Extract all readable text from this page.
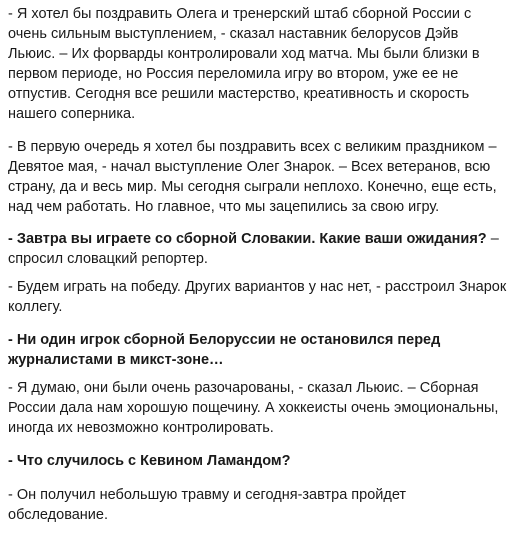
- Я хотел бы поздравить Олега и тренерский штаб сборной России с
очень сильным выступлением, - сказал наставник белорусов Дэйв
Льюис. – Их форварды контролировали ход матча. Мы были близки в
первом периоде, но Россия переломила игру во втором, уже ее не
отпустив. Сегодня все решили мастерство, креативность и скорость
нашего соперника.

- В первую очередь я хотел бы поздравить всех с великим праздником –
Девятое мая, - начал выступление Олег Знарок. – Всех ветеранов, всю
страну, да и весь мир. Мы сегодня сыграли неплохо. Конечно, еще есть,
над чем работать. Но главное, что мы зацепились за свою игру.

- Завтра вы играете со сборной Словакии. Какие ваши ожидания? –
спросил словацкий репортер.

- Будем играть на победу. Других вариантов у нас нет, - расстроил Знарок
коллегу.

- Ни один игрок сборной Белоруссии не остановился перед
журналистами в микст-зоне…

- Я думаю, они были очень разочарованы, - сказал Льюис. – Сборная
России дала нам хорошую пощечину. А хоккеисты очень эмоциональны,
иногда их невозможно контролировать.

- Что случилось с Кевином Ламандом?

- Он получил небольшую травму и сегодня-завтра пройдет
обследование.
